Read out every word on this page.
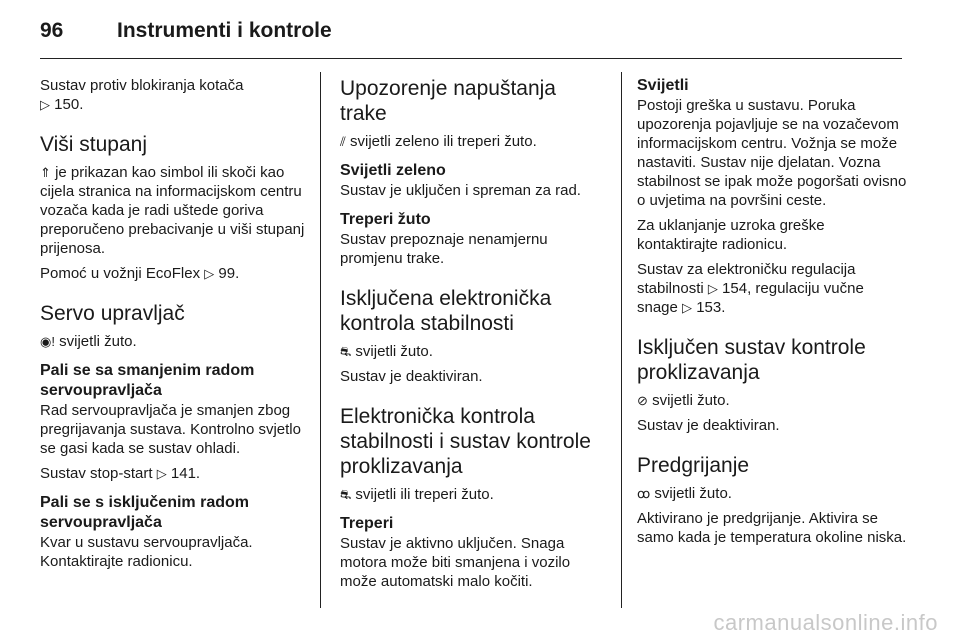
96	Instrumenti i kontrole

Sustav protiv blokiranja kotača
▷ 150.

Viši stupanj

⇑ je prikazan kao simbol ili skoči kao cijela stranica na informacijskom centru vozača kada je radi uštede goriva preporučeno prebacivanje u viši stupanj prijenosa.

Pomoć u vožnji EcoFlex ▷ 99.

Servo upravljač

◉! svijetli žuto.

Pali se sa smanjenim radom servoupravljača

Rad servoupravljača je smanjen zbog pregrijavanja sustava. Kontrolno svjetlo se gasi kada se sustav ohladi.

Sustav stop-start ▷ 141.

Pali se s isključenim radom servoupravljača

Kvar u sustavu servoupravljača. Kontaktirajte radionicu.

Upozorenje napuštanja trake

⫽ svijetli zeleno ili treperi žuto.

Svijetli zeleno

Sustav je uključen i spreman za rad.

Treperi žuto

Sustav prepoznaje nenamjernu promjenu trake.

Isključena elektronička kontrola stabilnosti

⛐ svijetli žuto.

Sustav je deaktiviran.

Elektronička kontrola stabilnosti i sustav kontrole proklizavanja

⛐ svijetli ili treperi žuto.

Treperi

Sustav je aktivno uključen. Snaga motora može biti smanjena i vozilo može automatski malo kočiti.

Svijetli

Postoji greška u sustavu. Poruka upozorenja pojavljuje se na vozačevom informacijskom centru. Vožnja se može nastaviti. Sustav nije djelatan. Vozna stabilnost se ipak može pogoršati ovisno o uvjetima na površini ceste.

Za uklanjanje uzroka greške kontaktirajte radionicu.

Sustav za elektroničku regulacija stabilnosti ▷ 154, regulaciju vučne snage ▷ 153.

Isključen sustav kontrole proklizavanja

⊘ svijetli žuto.

Sustav je deaktiviran.

Predgrijanje

ꝏ svijetli žuto.

Aktivirano je predgrijanje. Aktivira se samo kada je temperatura okoline niska.

carmanualsonline.info
